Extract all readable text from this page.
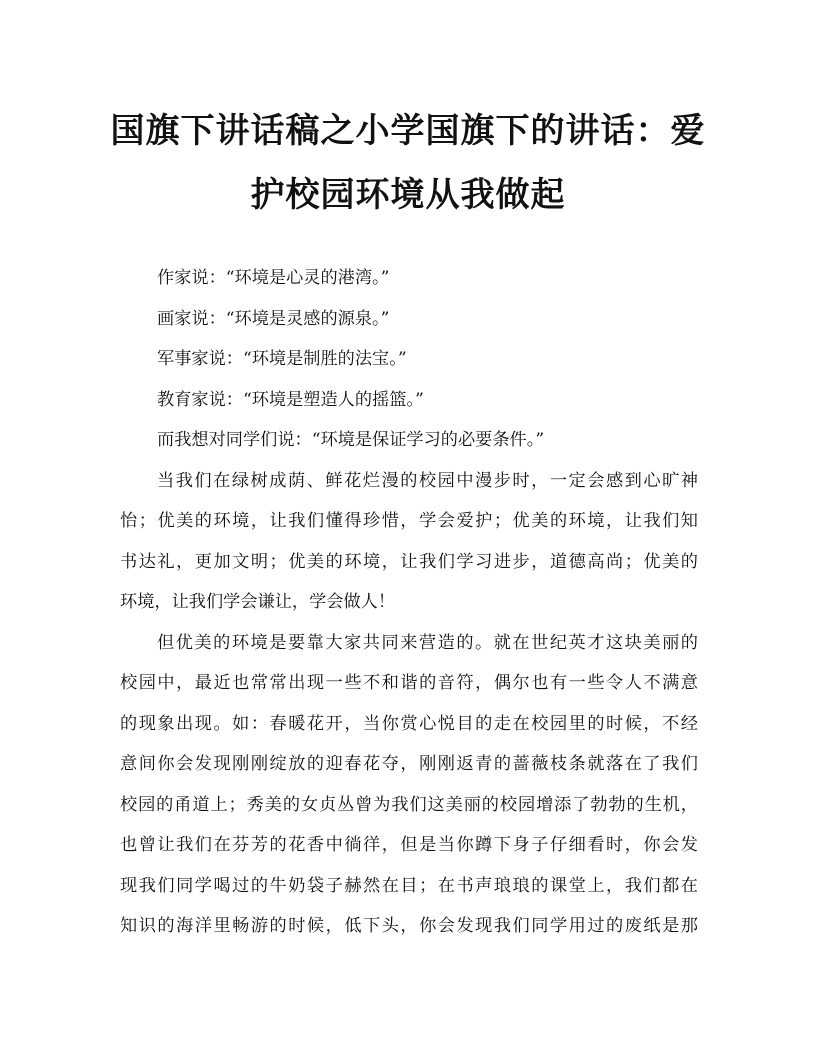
国旗下讲话稿之小学国旗下的讲话：爱
护校园环境从我做起
作家说：“环境是心灵的港湾。”
画家说：“环境是灵感的源泉。”
军事家说：“环境是制胜的法宝。”
教育家说：“环境是塑造人的摇篮。”
而我想对同学们说：“环境是保证学习的必要条件。”
当我们在绿树成荫、鲜花烂漫的校园中漫步时，一定会感到心旷神
怡；优美的环境，让我们懂得珍惜，学会爱护；优美的环境，让我们知
书达礼，更加文明；优美的环境，让我们学习进步，道德高尚；优美的
环境，让我们学会谦让，学会做人！
但优美的环境是要靠大家共同来营造的。就在世纪英才这块美丽的
校园中，最近也常常出现一些不和谐的音符，偶尔也有一些令人不满意
的现象出现。如：春暖花开，当你赏心悦目的走在校园里的时候，不经
意间你会发现刚刚绽放的迎春花夺，刚刚返青的蔷薇枝条就落在了我们
校园的甬道上；秀美的女贞丛曾为我们这美丽的校园增添了勃勃的生机，
也曾让我们在芬芳的花香中徜徉，但是当你蹲下身子仔细看时，你会发
现我们同学喝过的牛奶袋子赫然在目；在书声琅琅的课堂上，我们都在
知识的海洋里畅游的时候，低下头，你会发现我们同学用过的废纸是那
